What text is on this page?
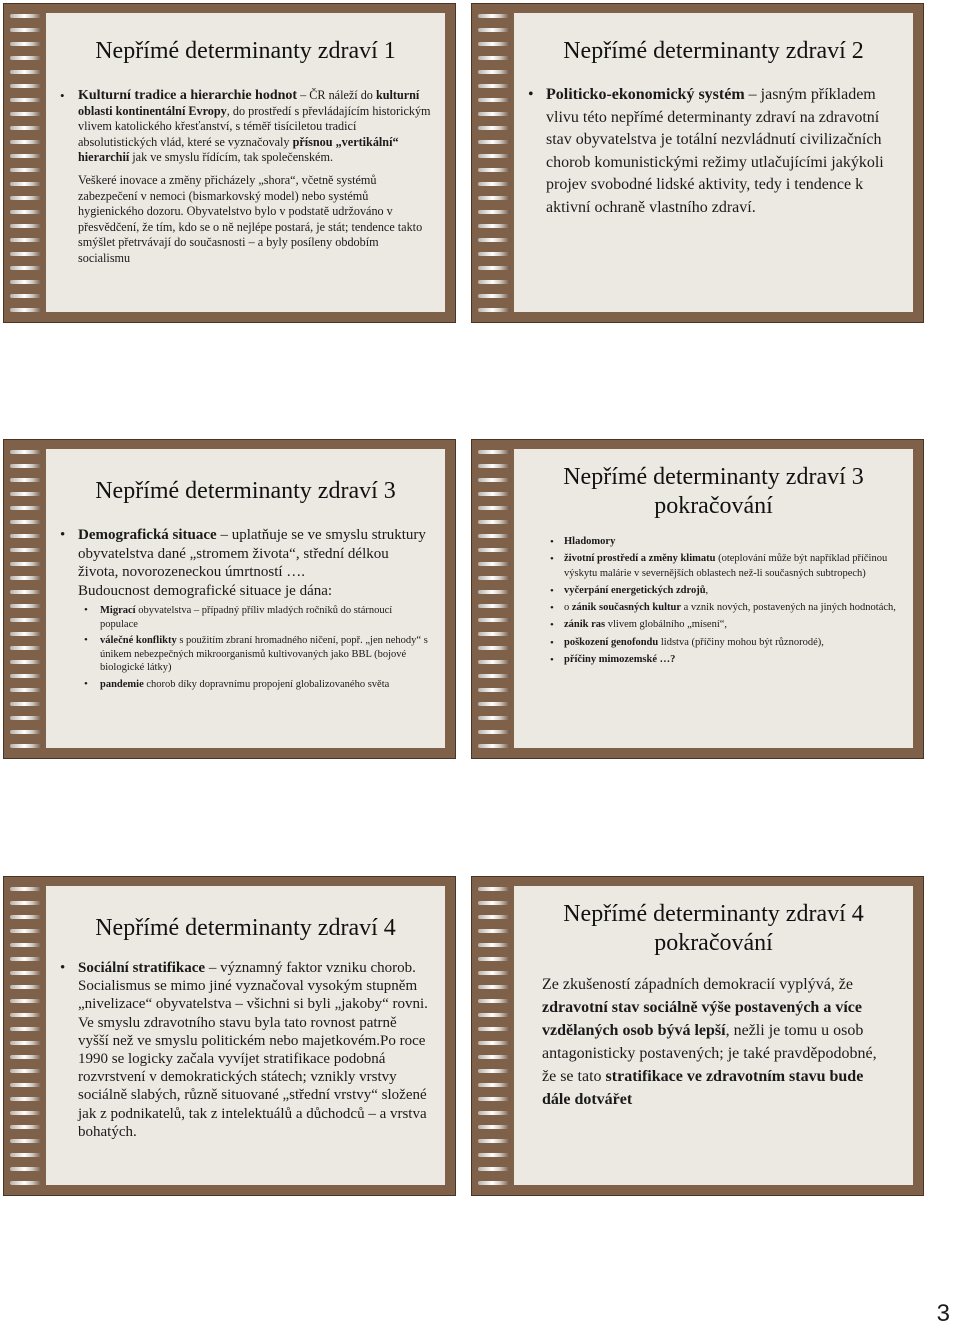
Nepřímé determinanty zdraví 1
• Kulturní tradice a hierarchie hodnot – ČR náleží do kulturní oblasti kontinentální Evropy, do prostředí s převládajícím historickým vlivem katolického křesťanství, s téměř tisíciletou tradicí absolutistických vlád, které se vyznačovaly přísnou „vertikální“ hierarchií jak ve smyslu řídícím, tak společenském.
Veškeré inovace a změny přicházely „shora“, včetně systémů zabezpečení v nemoci (bismarkovský model) nebo systémů hygienického dozoru. Obyvatelstvo bylo v podstatě udržováno v přesvědčení, že tím, kdo se o ně nejlépe postará, je stát; tendence takto smýšlet přetrvávají do současnosti – a byly posíleny obdobím socialismu
Nepřímé determinanty zdraví 2
• Politicko-ekonomický systém – jasným příkladem vlivu této nepřímé determinanty zdraví na zdravotní stav obyvatelstva je totální nezvládnutí civilizačních chorob komunistickými režimy utlačujícími jakýkoli projev svobodné lidské aktivity, tedy i tendence k aktivní ochraně vlastního zdraví.
Nepřímé determinanty zdraví 3
• Demografická situace – uplatňuje se ve smyslu struktury obyvatelstva dané „stromem života“, střední délkou života, novorozeneckou úmrtností ….
Budoucnost demografické situace je dána:
• Migrací obyvatelstva – případný příliv mladých ročníků do stárnoucí populace
• válečné konflikty s použitím zbraní hromadného ničení, popř. „jen nehody“ s únikem nebezpečných mikroorganismů kultivovaných jako BBL (bojové biologické látky)
• pandemie chorob díky dopravnímu propojení globalizovaného světa
Nepřímé determinanty zdraví 3 pokračování
• Hladomory
• životní prostředí a změny klimatu (oteplování může být například příčinou výskytu malárie v severnějších oblastech než-li současných subtropech)
• vyčerpání energetických zdrojů,
• o zánik současných kultur a vznik nových, postavených na jiných hodnotách,
• zánik ras vlivem globálního „mísení“,
• poškození genofondu lidstva (příčiny mohou být různorodé),
• příčiny mimozemské …?
Nepřímé determinanty zdraví 4
• Sociální stratifikace – významný faktor vzniku chorob. Socialismus se mimo jiné vyznačoval vysokým stupněm „nivelizace“ obyvatelstva – všichni si byli „jakoby“ rovni. Ve smyslu zdravotního stavu byla tato rovnost patrně vyšší než ve smyslu politickém nebo majetkovém.Po roce 1990 se logicky začala vyvíjet stratifikace podobná rozvrstvení v demokratických státech; vznikly vrstvy sociálně slabých, různě situované „střední vrstvy“ složené jak z podnikatelů, tak z intelektuálů a důchodců – a vrstva bohatých.
Nepřímé determinanty zdraví 4 pokračování
Ze zkušeností západních demokracií vyplývá, že zdravotní stav sociálně výše postavených a více vzdělaných osob bývá lepší, nežli je tomu u osob antagonisticky postavených; je také pravděpodobné, že se tato stratifikace ve zdravotním stavu bude dále dotvářet
3
